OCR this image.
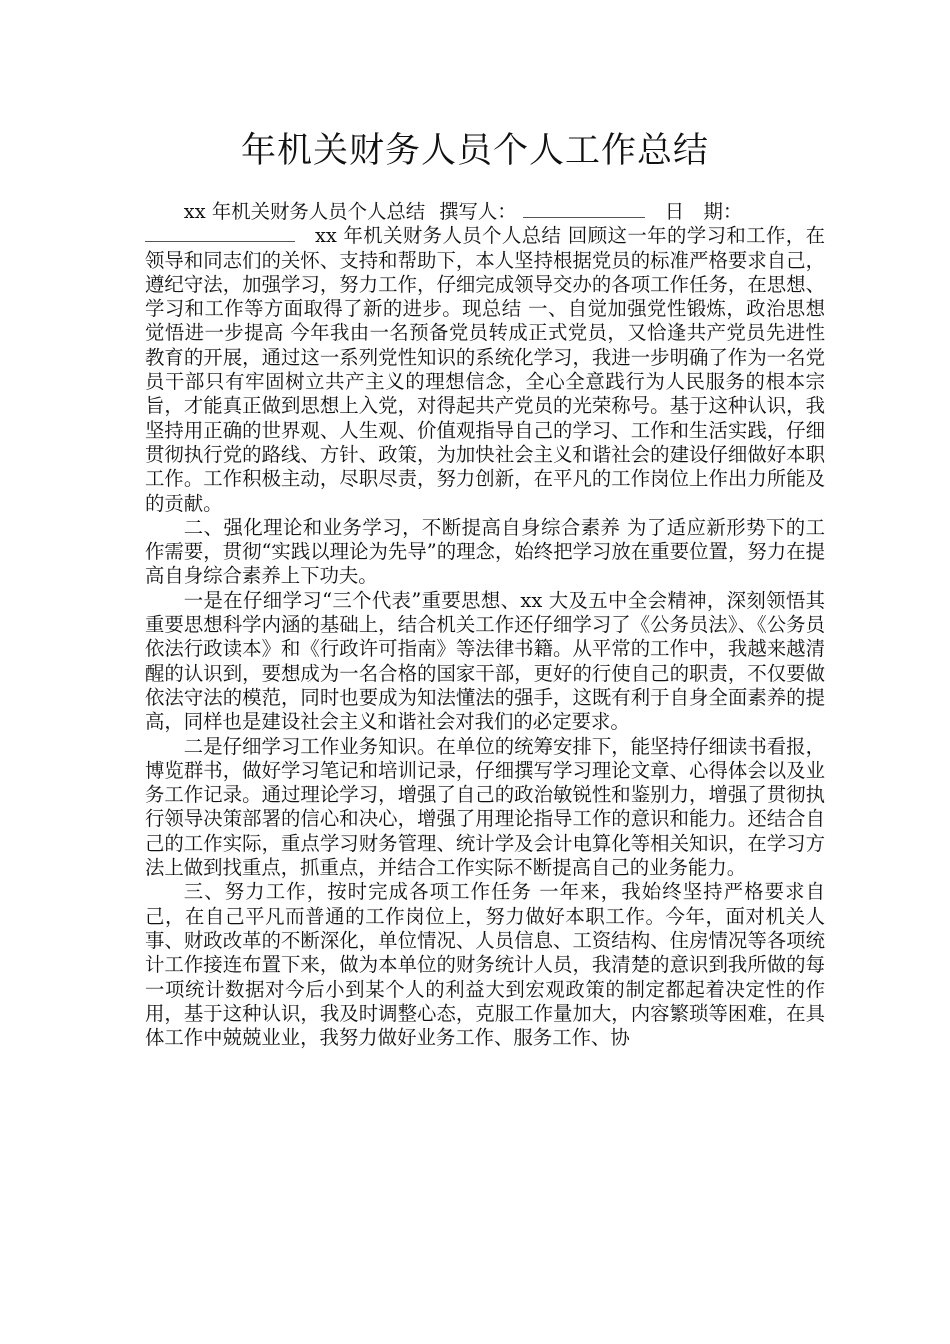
年机关财务人员个人工作总结

xx 年机关财务人员个人总结 撰写人：	日　期：

xx 年机关财务人员个人总结 回顾这一年的学习和工作，在领导和同志们的关怀、支持和帮助下，本人坚持根据党员的标准严格要求自己，遵纪守法，加强学习，努力工作，仔细完成领导交办的各项工作任务，在思想、学习和工作等方面取得了新的进步。现总结 一、自觉加强党性锻炼，政治思想觉悟进一步提高 今年我由一名预备党员转成正式党员，又恰逢共产党员先进性教育的开展，通过这一系列党性知识的系统化学习，我进一步明确了作为一名党员干部只有牢固树立共产主义的理想信念，全心全意践行为人民服务的根本宗旨，才能真正做到思想上入党，对得起共产党员的光荣称号。基于这种认识，我坚持用正确的世界观、人生观、价值观指导自己的学习、工作和生活实践，仔细贯彻执行党的路线、方针、政策，为加快社会主义和谐社会的建设仔细做好本职工作。工作积极主动，尽职尽责，努力创新，在平凡的工作岗位上作出力所能及的贡献。

二、强化理论和业务学习，不断提高自身综合素养 为了适应新形势下的工作需要，贯彻“实践以理论为先导”的理念，始终把学习放在重要位置，努力在提高自身综合素养上下功夫。

一是在仔细学习“三个代表”重要思想、xx 大及五中全会精神，深刻领悟其重要思想科学内涵的基础上，结合机关工作还仔细学习了《公务员法》、《公务员依法行政读本》和《行政许可指南》等法律书籍。从平常的工作中，我越来越清醒的认识到，要想成为一名合格的国家干部，更好的行使自己的职责，不仅要做依法守法的模范，同时也要成为知法懂法的强手，这既有利于自身全面素养的提高，同样也是建设社会主义和谐社会对我们的必定要求。

二是仔细学习工作业务知识。在单位的统筹安排下，能坚持仔细读书看报，博览群书，做好学习笔记和培训记录，仔细撰写学习理论文章、心得体会以及业务工作记录。通过理论学习，增强了自己的政治敏锐性和鉴别力，增强了贯彻执行领导决策部署的信心和决心，增强了用理论指导工作的意识和能力。还结合自己的工作实际，重点学习财务管理、统计学及会计电算化等相关知识，在学习方法上做到找重点，抓重点，并结合工作实际不断提高自己的业务能力。

三、努力工作，按时完成各项工作任务 一年来，我始终坚持严格要求自己，在自己平凡而普通的工作岗位上，努力做好本职工作。今年，面对机关人事、财政改革的不断深化，单位情况、人员信息、工资结构、住房情况等各项统计工作接连布置下来，做为本单位的财务统计人员，我清楚的意识到我所做的每一项统计数据对今后小到某个人的利益大到宏观政策的制定都起着决定性的作用，基于这种认识，我及时调整心态，克服工作量加大，内容繁琐等困难，在具体工作中兢兢业业，我努力做好业务工作、服务工作、协
